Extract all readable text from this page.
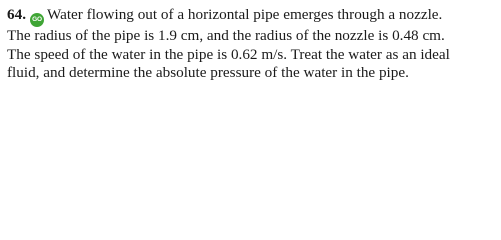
64. GO Water flowing out of a horizontal pipe emerges through a nozzle.
The radius of the pipe is 1.9 cm, and the radius of the nozzle is 0.48 cm.
The speed of the water in the pipe is 0.62 m/s. Treat the water as an ideal
fluid, and determine the absolute pressure of the water in the pipe.
